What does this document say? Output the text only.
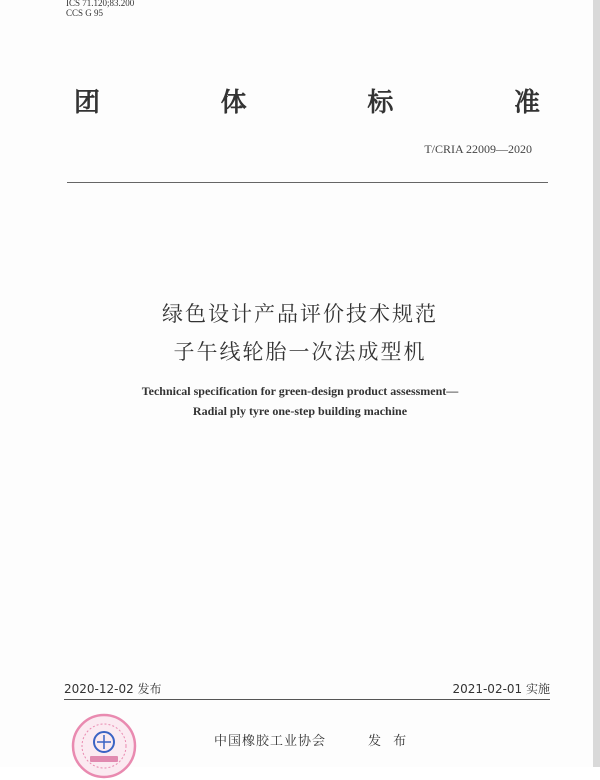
ICS 71.120;83.200
CCS G 95
团	体	标	准
T/CRIA 22009—2020
绿色设计产品评价技术规范
子午线轮胎一次法成型机
Technical specification for green-design product assessment—
Radial ply tyre one-step building machine
2020-12-02 发布	2021-02-01 实施
中国橡胶工业协会	发 布
